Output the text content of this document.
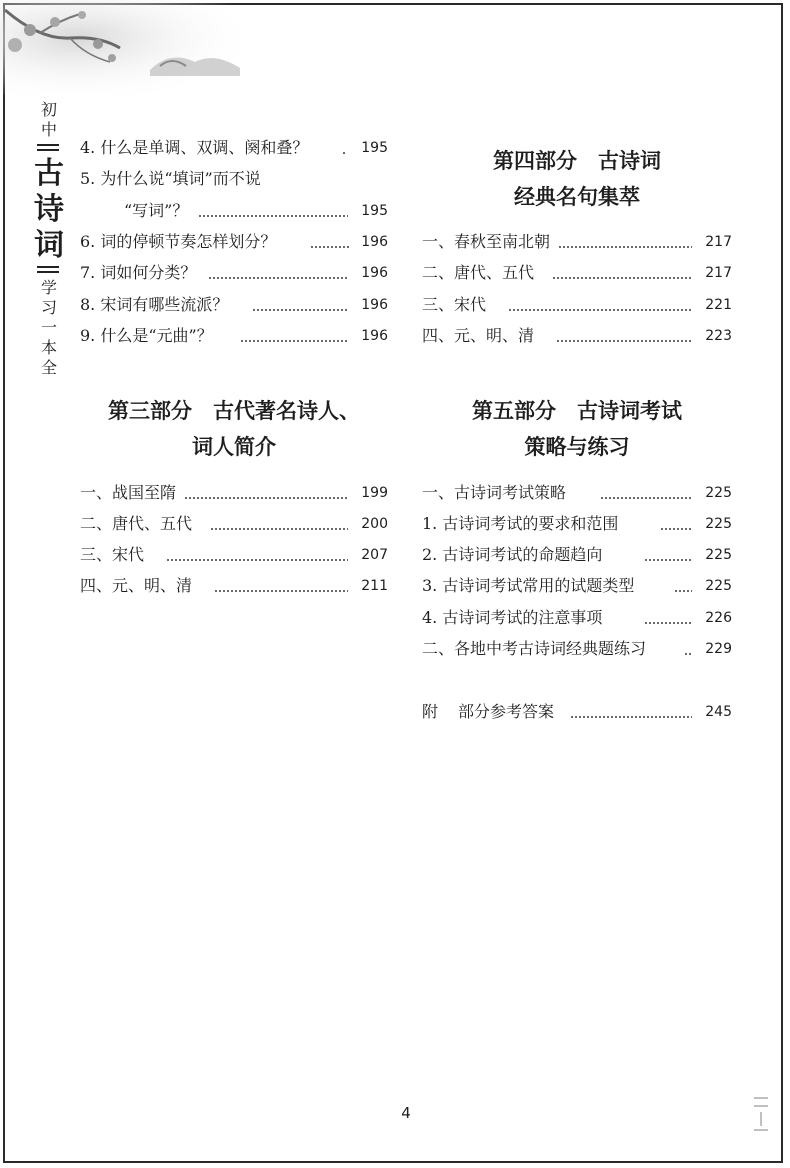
初
中
古
诗
词
学
习
一
本
全
4. 什么是单调、双调、阕和叠？	195
5. 为什么说“填词”而不说
“写词”？	195
6. 词的停顿节奏怎样划分？	196
7. 词如何分类？	196
8. 宋词有哪些流派？	196
9. 什么是“元曲”？	196
第三部分　古代著名诗人、
词人简介
一、战国至隋	199
二、唐代、五代	200
三、宋代	207
四、元、明、清	211
第四部分　古诗词
经典名句集萃
一、春秋至南北朝	217
二、唐代、五代	217
三、宋代	221
四、元、明、清	223
第五部分　古诗词考试
策略与练习
一、古诗词考试策略	225
1. 古诗词考试的要求和范围	225
2. 古诗词考试的命题趋向	225
3. 古诗词考试常用的试题类型	225
4. 古诗词考试的注意事项	226
二、各地中考古诗词经典题练习	229
附 部分参考答案	245
4
